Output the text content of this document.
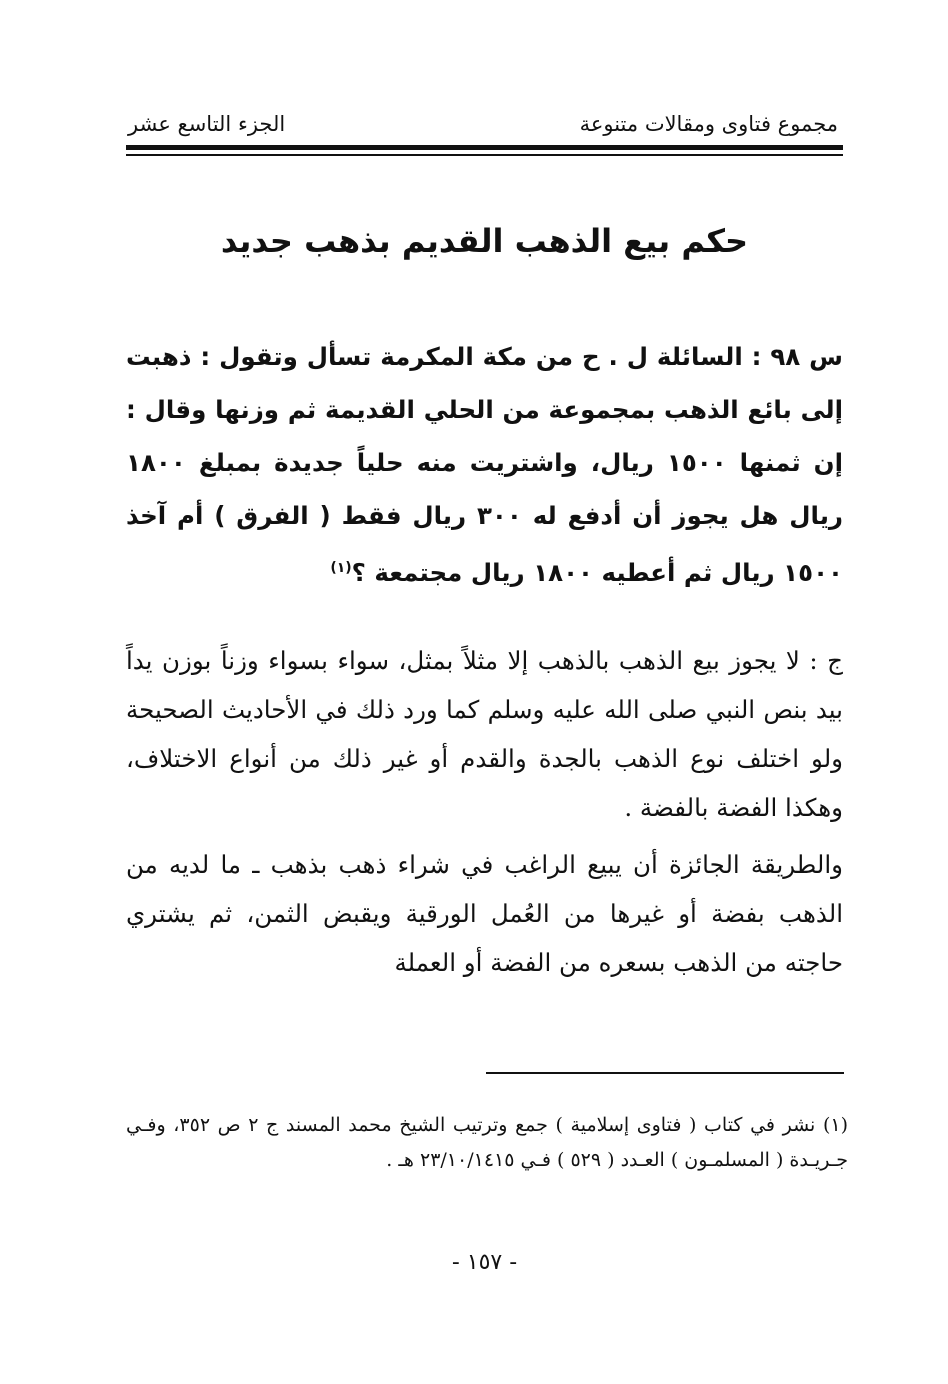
مجموع فتاوى ومقالات متنوعة
الجزء التاسع عشر
حكم بيع الذهب القديم بذهب جديد
س ٩٨ : السائلة ل . ح من مكة المكرمة تسأل وتقول : ذهبت إلى بائع الذهب بمجموعة من الحلي القديمة ثم وزنها وقال : إن ثمنها ١٥٠٠ ريال، واشتريت منه حلياً جديدة بمبلغ ١٨٠٠ ريال هل يجوز أن أدفع له ٣٠٠ ريال فقط ( الفرق ) أم آخذ ١٥٠٠ ريال ثم أعطيه ١٨٠٠ ريال مجتمعة ؟$^{(١)}$

ج : لا يجوز بيع الذهب بالذهب إلا مثلاً بمثل، سواء بسواء وزناً بوزن يداً بيد بنص النبي صلى الله عليه وسلم كما ورد ذلك في الأحاديث الصحيحة ولو اختلف نوع الذهب بالجدة والقدم أو غير ذلك من أنواع الاختلاف، وهكذا الفضة بالفضة .

والطريقة الجائزة أن يبيع الراغب في شراء ذهب بذهب ـ ما لديه من الذهب بفضة أو غيرها من العُمل الورقية ويقبض الثمن، ثم يشتري حاجته من الذهب بسعره من الفضة أو العملة

(١) نشر في كتاب ( فتاوى إسلامية ) جمع وترتيب الشيخ محمد المسند ج ٢ ص ٣٥٢، وفـي جـريـدة ( المسلمـون ) العـدد ( ٥٢٩ ) فـي ٢٣/١٠/١٤١٥ هـ .
- ١٥٧ -
